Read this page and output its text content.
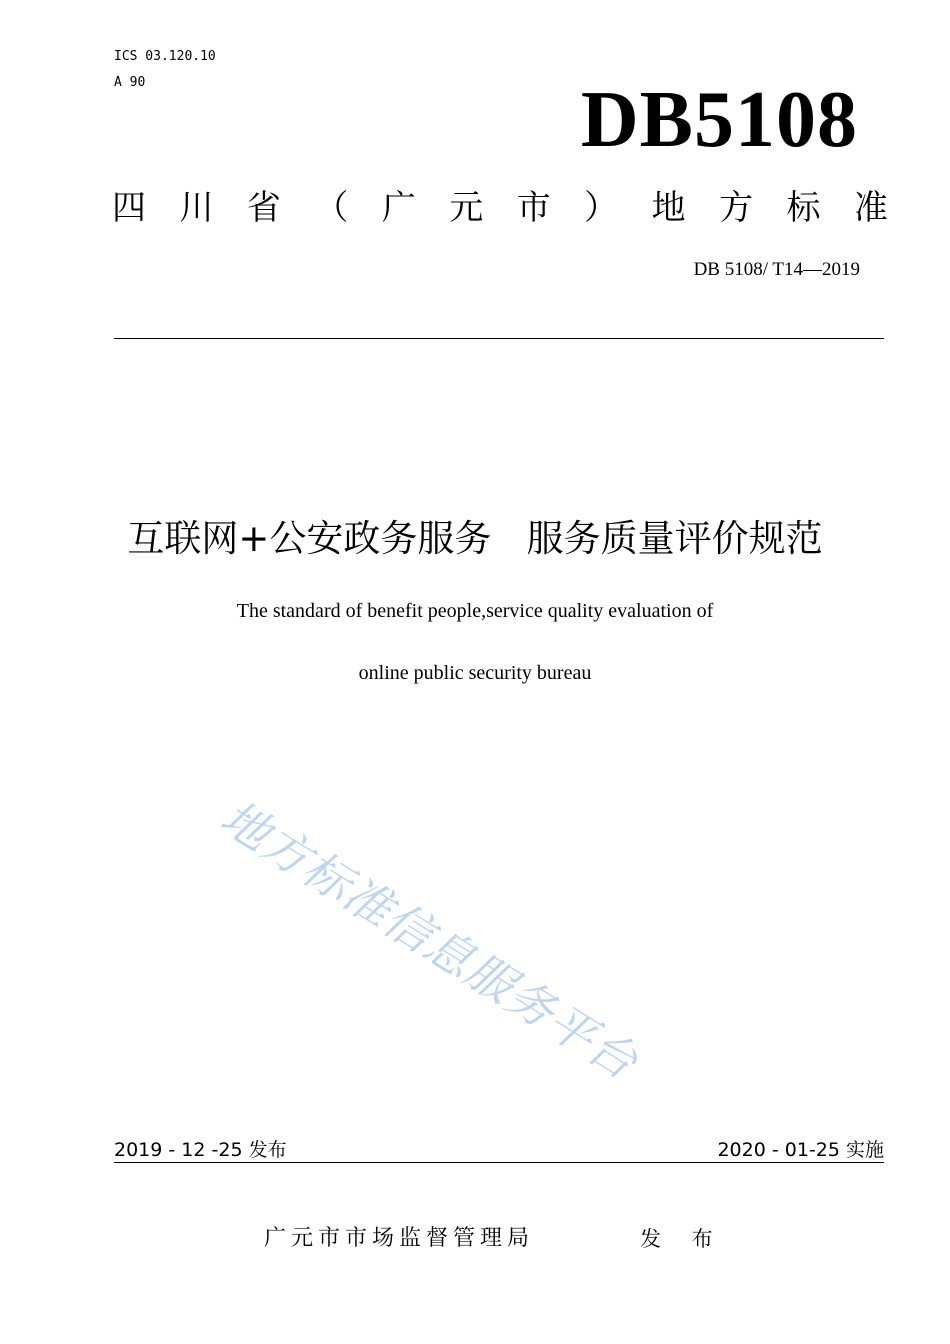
ICS 03.120.10
A 90	DB5108
四 川 省 （ 广 元 市 ） 地 方 标 准
DB 5108/ T14—2019
互联网+公安政务服务   服务质量评价规范
The standard of benefit people,service quality evaluation of
online public security bureau
地方标准信息服务平台
2019 - 12 -25 发布	2020 - 01-25 实施
广元市市场监督管理局	发 布
